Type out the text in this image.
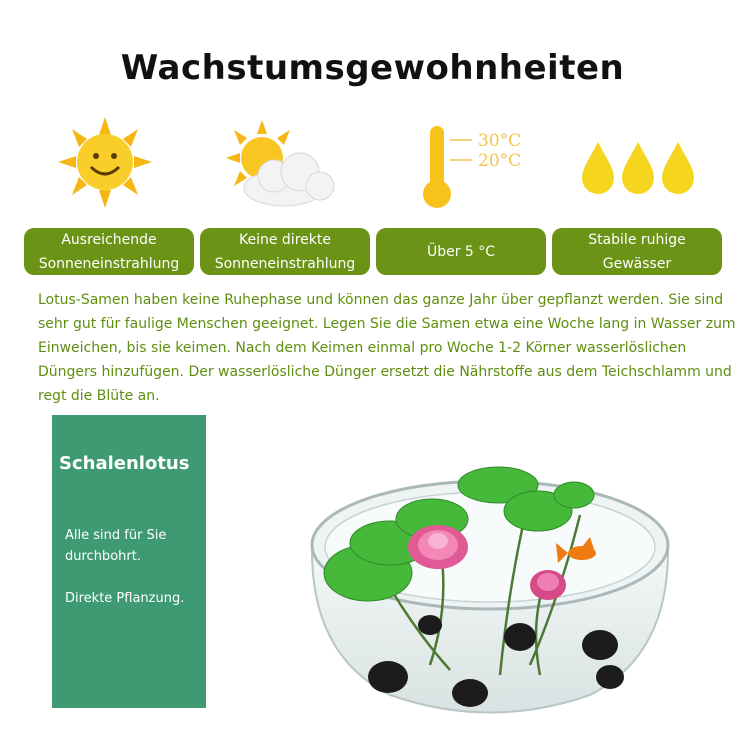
Wachstumsgewohnheiten
30°C
20°C
Ausreichende
Sonneneinstrahlung
Keine direkte
Sonneneinstrahlung
Über 5 °C
Stabile ruhige
Gewässer
Lotus-Samen haben keine Ruhephase und können das ganze Jahr über gepflanzt werden. Sie sind sehr gut für faulige Menschen geeignet. Legen Sie die Samen etwa eine Woche lang in Wasser zum Einweichen, bis sie keimen. Nach dem Keimen einmal pro Woche 1-2 Körner wasserlöslichen Düngers hinzufügen. Der wasserlösliche Dünger ersetzt die Nährstoffe aus dem Teichschlamm und regt die Blüte an.
Schalenlotus

Alle sind für Sie durchbohrt.

Direkte Pflanzung.
